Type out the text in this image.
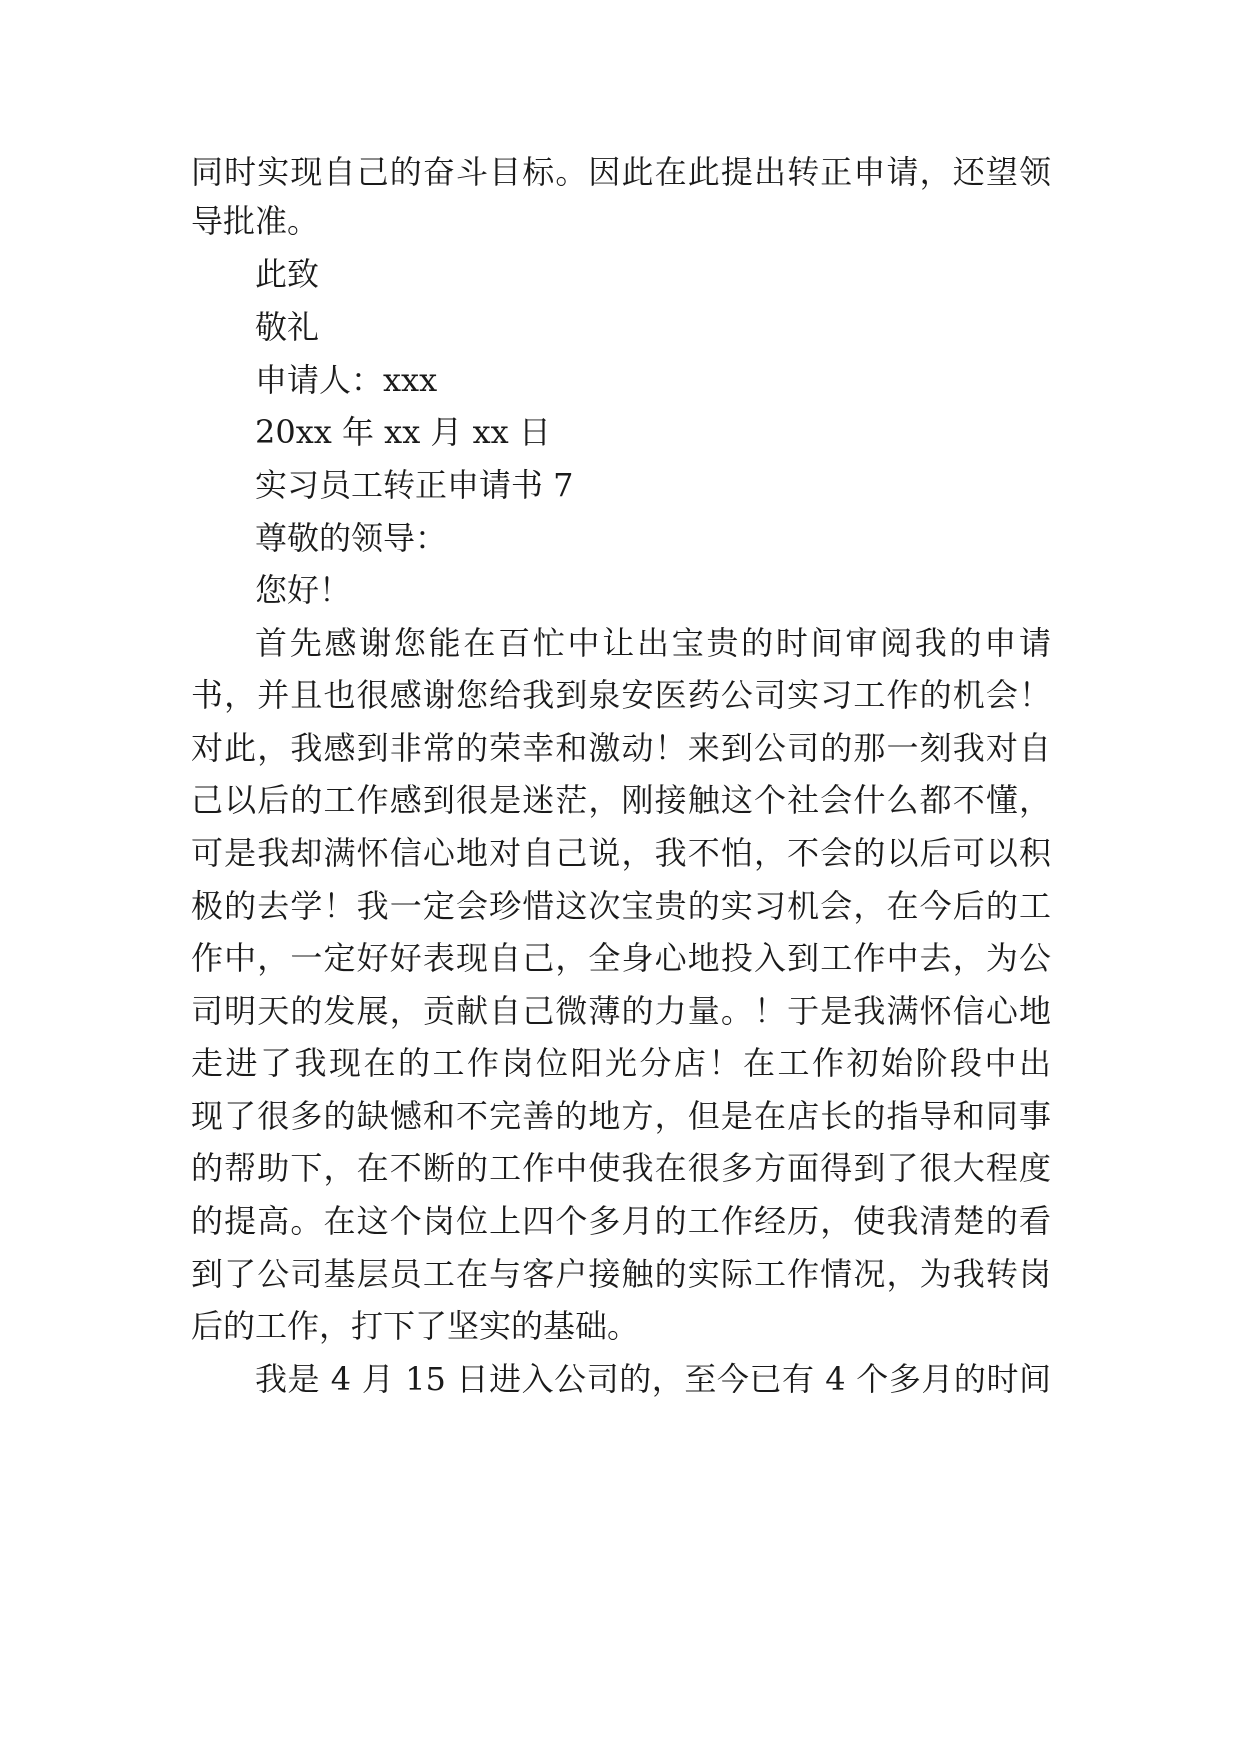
同时实现自己的奋斗目标。因此在此提出转正申请，还望领
导批准。
此致
敬礼
申请人：xxx
20xx 年 xx 月 xx 日
实习员工转正申请书 7
尊敬的领导：
您好！
首先感谢您能在百忙中让出宝贵的时间审阅我的申请
书，并且也很感谢您给我到泉安医药公司实习工作的机会！
对此，我感到非常的荣幸和激动！来到公司的那一刻我对自
己以后的工作感到很是迷茫，刚接触这个社会什么都不懂，
可是我却满怀信心地对自己说，我不怕，不会的以后可以积
极的去学！我一定会珍惜这次宝贵的实习机会，在今后的工
作中，一定好好表现自己，全身心地投入到工作中去，为公
司明天的发展，贡献自己微薄的力量。！于是我满怀信心地
走进了我现在的工作岗位阳光分店！在工作初始阶段中出
现了很多的缺憾和不完善的地方，但是在店长的指导和同事
的帮助下，在不断的工作中使我在很多方面得到了很大程度
的提高。在这个岗位上四个多月的工作经历，使我清楚的看
到了公司基层员工在与客户接触的实际工作情况，为我转岗
后的工作，打下了坚实的基础。
我是 4 月 15 日进入公司的，至今已有 4 个多月的时间
